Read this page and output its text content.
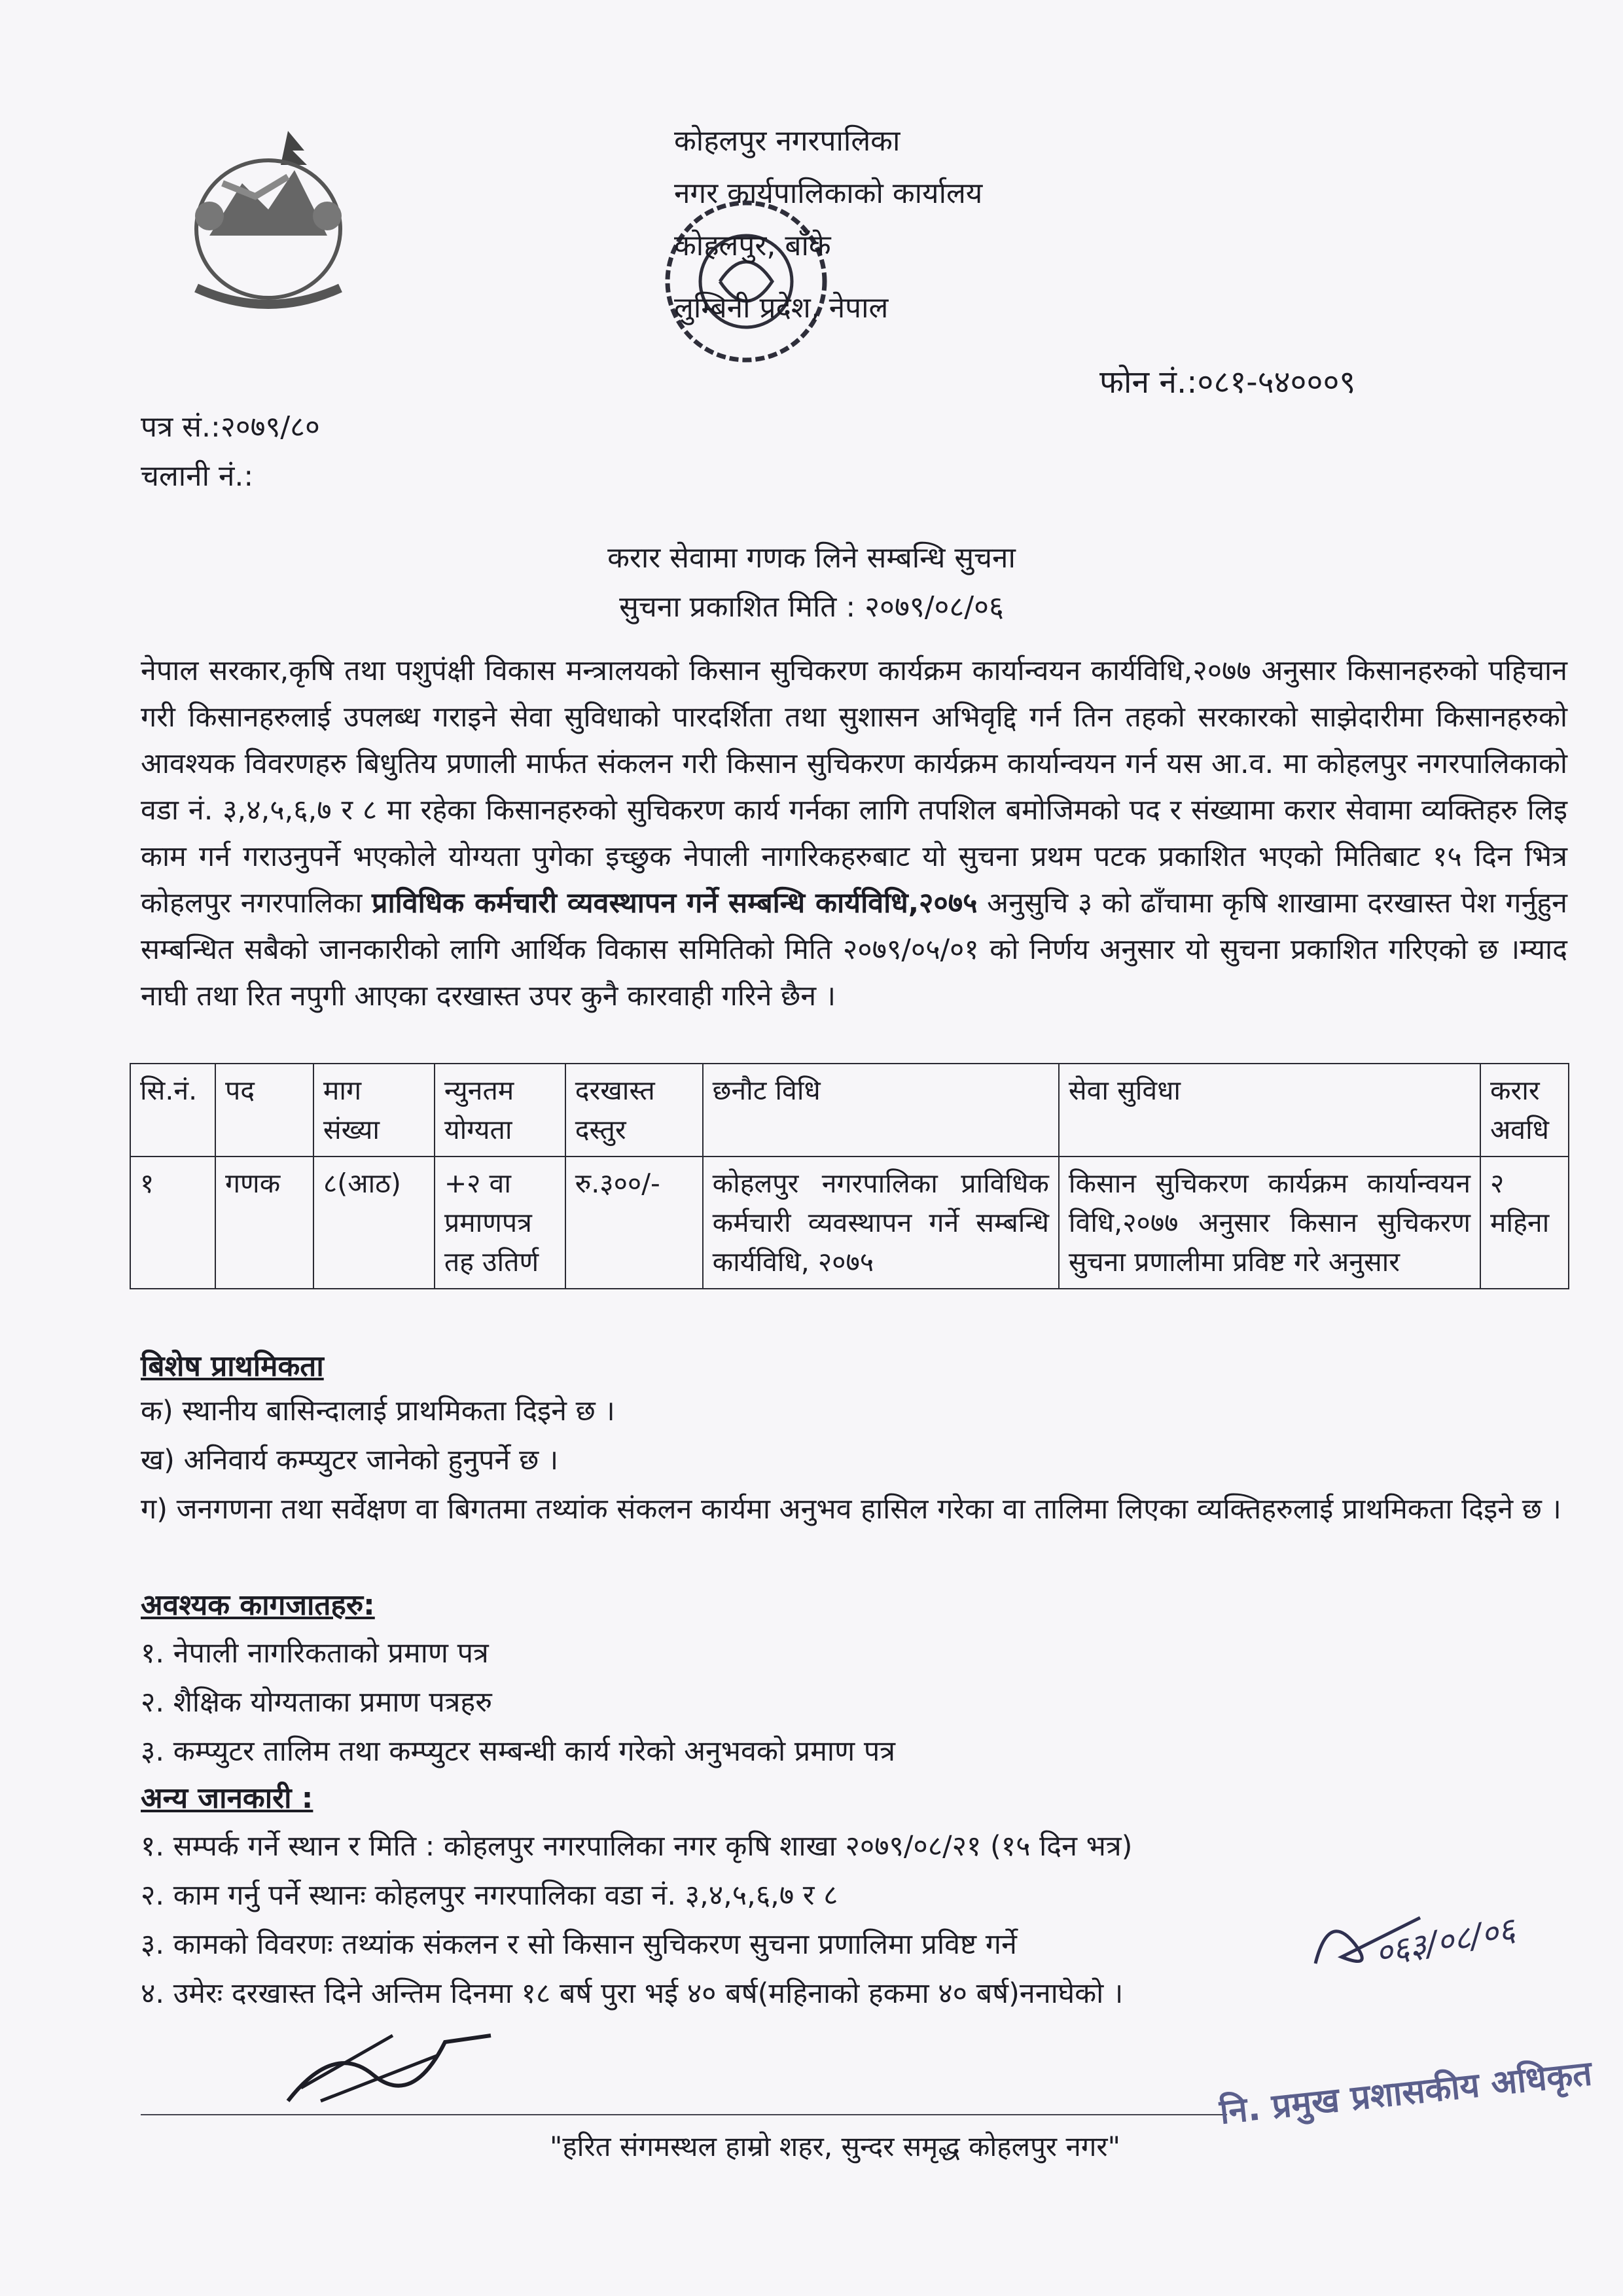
कोहलपुर नगरपालिका
नगर कार्यपालिकाको कार्यालय
कोहलपुर, बाँके
लुम्बिनी प्रदेश, नेपाल
फोन नं.:०८१-५४०००९
पत्र सं.:२०७९/८०
चलानी नं.:
करार सेवामा गणक लिने सम्बन्धि सुचना
सुचना प्रकाशित मिति : २०७९/०८/०६
नेपाल सरकार,कृषि तथा पशुपंक्षी विकास मन्त्रालयको किसान सुचिकरण कार्यक्रम कार्यान्वयन कार्यविधि,२०७७ अनुसार किसानहरुको पहिचान गरी किसानहरुलाई उपलब्ध गराइने सेवा सुविधाको पारदर्शिता तथा सुशासन अभिवृद्दि गर्न तिन तहको सरकारको साझेदारीमा किसानहरुको आवश्यक विवरणहरु बिधुतिय प्रणाली मार्फत संकलन गरी किसान सुचिकरण कार्यक्रम कार्यान्वयन गर्न यस आ.व. मा कोहलपुर नगरपालिकाको वडा नं. ३,४,५,६,७ र ८ मा रहेका किसानहरुको सुचिकरण कार्य गर्नका लागि तपशिल बमोजिमको पद र संख्यामा करार सेवामा व्यक्तिहरु लिइ काम गर्न गराउनुपर्ने भएकोले योग्यता पुगेका इच्छुक नेपाली नागरिकहरुबाट यो सुचना प्रथम पटक प्रकाशित भएको मितिबाट १५ दिन भित्र कोहलपुर नगरपालिका प्राविधिक कर्मचारी व्यवस्थापन गर्ने सम्बन्धि कार्यविधि,२०७५ अनुसुचि ३ को ढाँचामा कृषि शाखामा दरखास्त पेश गर्नुहुन सम्बन्धित सबैको जानकारीको लागि आर्थिक विकास समितिको मिति २०७९/०५/०१ को निर्णय अनुसार यो सुचना प्रकाशित गरिएको छ ।म्याद नाघी तथा रित नपुगी आएका दरखास्त उपर कुनै कारवाही गरिने छैन ।
सि.नं.	पद	माग संख्या	न्युनतम योग्यता	दरखास्त दस्तुर	छनौट विधि	सेवा सुविधा	करार अवधि
१	गणक	८(आठ)	+२ वा प्रमाणपत्र तह उतिर्ण	रु.३००/-	कोहलपुर नगरपालिका प्राविधिक कर्मचारी व्यवस्थापन गर्ने सम्बन्धि कार्यविधि, २०७५	किसान सुचिकरण कार्यक्रम कार्यान्वयन विधि,२०७७ अनुसार किसान सुचिकरण सुचना प्रणालीमा प्रविष्ट गरे अनुसार	२ महिना
बिशेष प्राथमिकता
क) स्थानीय बासिन्दालाई प्राथमिकता दिइने छ ।
ख) अनिवार्य कम्प्युटर जानेको हुनुपर्ने छ ।
ग) जनगणना तथा सर्वेक्षण वा बिगतमा तथ्यांक संकलन कार्यमा अनुभव हासिल गरेका वा तालिमा लिएका व्यक्तिहरुलाई प्राथमिकता दिइने छ ।
अवश्यक कागजातहरु:
१. नेपाली नागरिकताको प्रमाण पत्र
२. शैक्षिक योग्यताका प्रमाण पत्रहरु
३. कम्प्युटर तालिम तथा कम्प्युटर सम्बन्धी कार्य गरेको अनुभवको प्रमाण पत्र
अन्य जानकारी :
१. सम्पर्क गर्ने स्थान र मिति : कोहलपुर नगरपालिका नगर कृषि शाखा २०७९/०८/२१ (१५ दिन भत्र)
२. काम गर्नु पर्ने स्थानः कोहलपुर नगरपालिका वडा नं. ३,४,५,६,७ र ८
३. कामको विवरणः तथ्यांक संकलन र सो किसान सुचिकरण सुचना प्रणालिमा प्रविष्ट गर्ने
४. उमेरः दरखास्त दिने अन्तिम दिनमा १८ बर्ष पुरा भई ४० बर्ष(महिनाको हकमा ४० बर्ष)ननाघेको ।
०६३/०८/०६
"हरित संगमस्थल हाम्रो शहर, सुन्दर समृद्ध कोहलपुर नगर"
नि. प्रमुख प्रशासकीय अधिकृत
